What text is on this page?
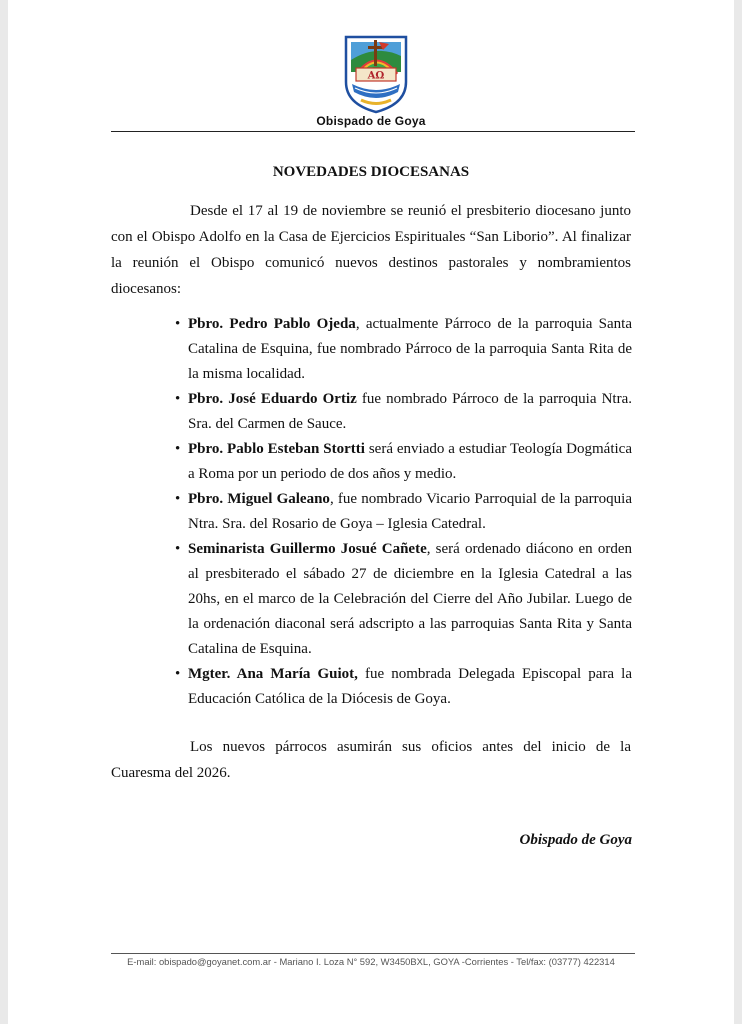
AΩ
Obispado de Goya
NOVEDADES DIOCESANAS

Desde el 17 al 19 de noviembre se reunió el presbiterio diocesano junto con el Obispo Adolfo en la Casa de Ejercicios Espirituales “San Liborio”. Al finalizar la reunión el Obispo comunicó nuevos destinos pastorales y nombramientos diocesanos:

• Pbro. Pedro Pablo Ojeda, actualmente Párroco de la parroquia Santa Catalina de Esquina, fue nombrado Párroco de la parroquia Santa Rita de la misma localidad.
• Pbro. José Eduardo Ortiz fue nombrado Párroco de la parroquia Ntra. Sra. del Carmen de Sauce.
• Pbro. Pablo Esteban Stortti será enviado a estudiar Teología Dogmática a Roma por un periodo de dos años y medio.
• Pbro. Miguel Galeano, fue nombrado Vicario Parroquial de la parroquia Ntra. Sra. del Rosario de Goya – Iglesia Catedral.
• Seminarista Guillermo Josué Cañete, será ordenado diácono en orden al presbiterado el sábado 27 de diciembre en la Iglesia Catedral a las 20hs, en el marco de la Celebración del Cierre del Año Jubilar. Luego de la ordenación diaconal será adscripto a las parroquias Santa Rita y Santa Catalina de Esquina.
• Mgter. Ana María Guiot, fue nombrada Delegada Episcopal para la Educación Católica de la Diócesis de Goya.

Los nuevos párrocos asumirán sus oficios antes del inicio de la Cuaresma del 2026.

Obispado de Goya
E-mail: obispado@goyanet.com.ar - Mariano I. Loza N° 592, W3450BXL, GOYA -Corrientes - Tel/fax: (03777) 422314
